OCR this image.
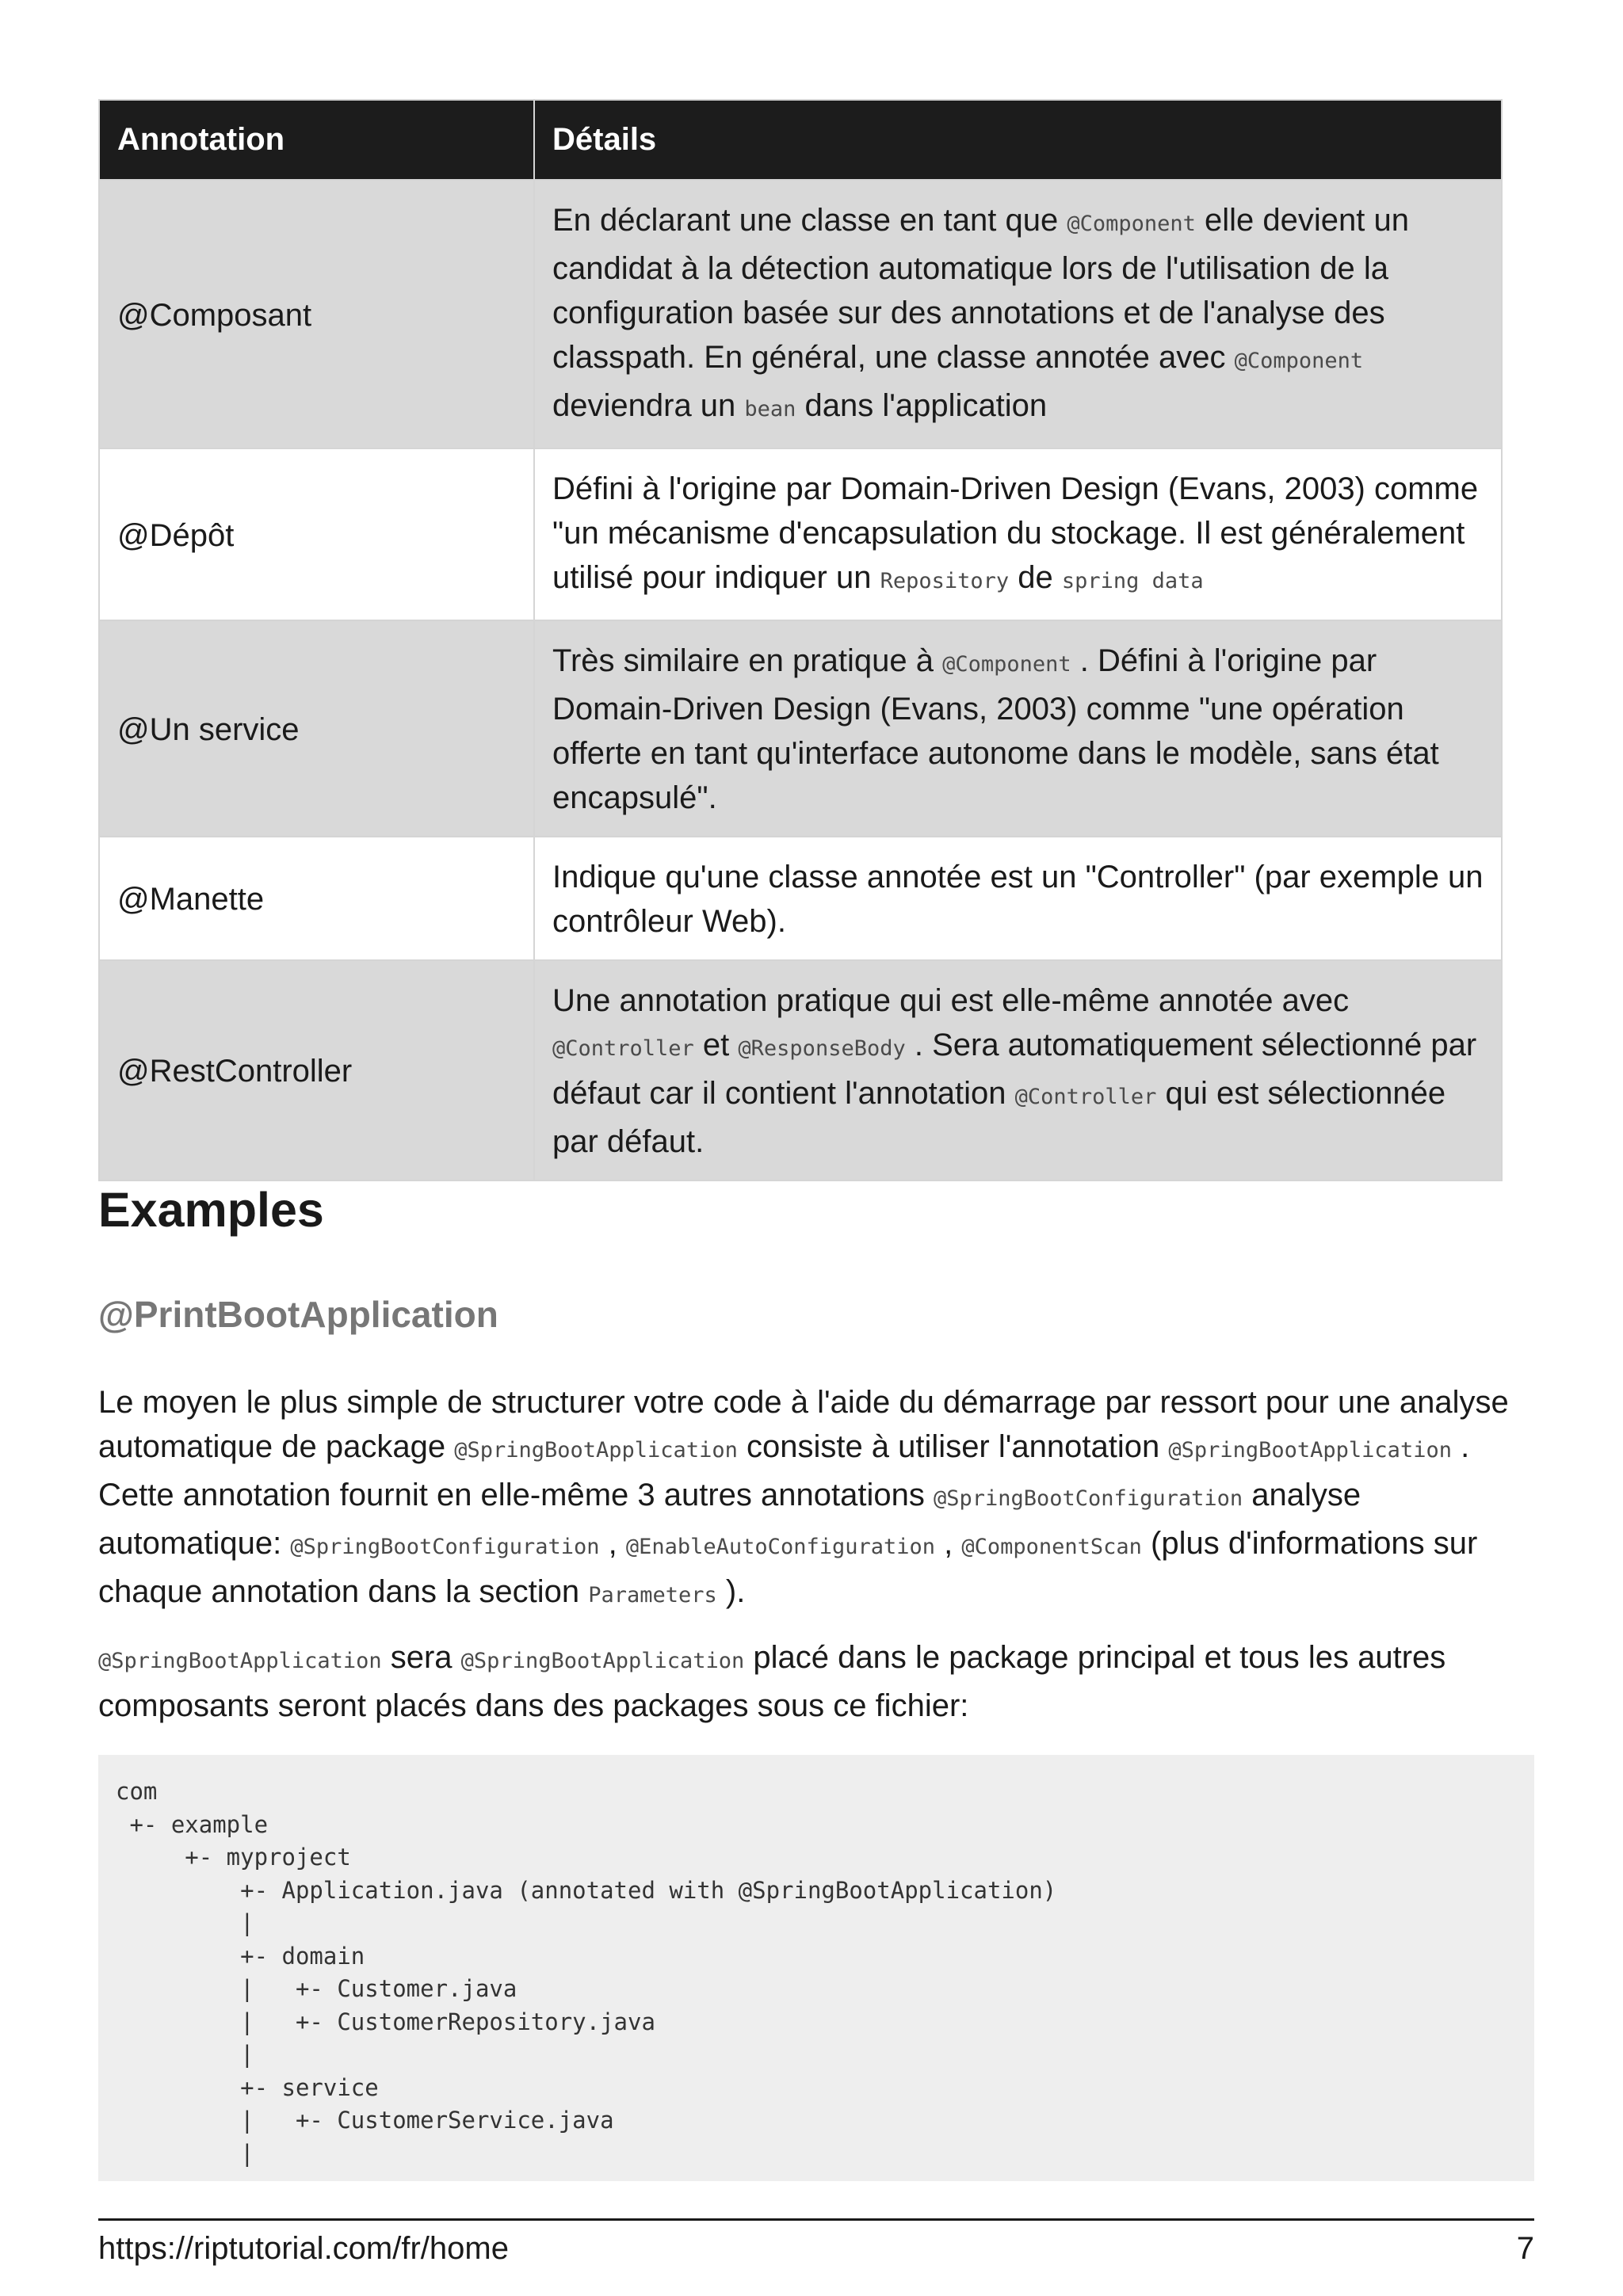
Annotation	Détails
@Composant	En déclarant une classe en tant que @Component elle devient un candidat à la détection automatique lors de l'utilisation de la configuration basée sur des annotations et de l'analyse des classpath. En général, une classe annotée avec @Component deviendra un bean dans l'application
@Dépôt	Défini à l'origine par Domain-Driven Design (Evans, 2003) comme "un mécanisme d'encapsulation du stockage. Il est généralement utilisé pour indiquer un Repository de spring data
@Un service	Très similaire en pratique à @Component . Défini à l'origine par Domain-Driven Design (Evans, 2003) comme "une opération offerte en tant qu'interface autonome dans le modèle, sans état encapsulé".
@Manette	Indique qu'une classe annotée est un "Controller" (par exemple un contrôleur Web).
@RestController	Une annotation pratique qui est elle-même annotée avec @Controller et @ResponseBody . Sera automatiquement sélectionné par défaut car il contient l'annotation @Controller qui est sélectionnée par défaut.
Examples
@PrintBootApplication

Le moyen le plus simple de structurer votre code à l'aide du démarrage par ressort pour une analyse automatique de package @SpringBootApplication consiste à utiliser l'annotation @SpringBootApplication . Cette annotation fournit en elle-même 3 autres annotations @SpringBootConfiguration analyse automatique: @SpringBootConfiguration , @EnableAutoConfiguration , @ComponentScan (plus d'informations sur chaque annotation dans la section Parameters ).

@SpringBootApplication sera @SpringBootApplication placé dans le package principal et tous les autres composants seront placés dans des packages sous ce fichier:

com
+- example
+- myproject
+- Application.java (annotated with @SpringBootApplication)
|
+- domain
|   +- Customer.java
|   +- CustomerRepository.java
|
+- service
|   +- CustomerService.java
|
https://riptutorial.com/fr/home	7
